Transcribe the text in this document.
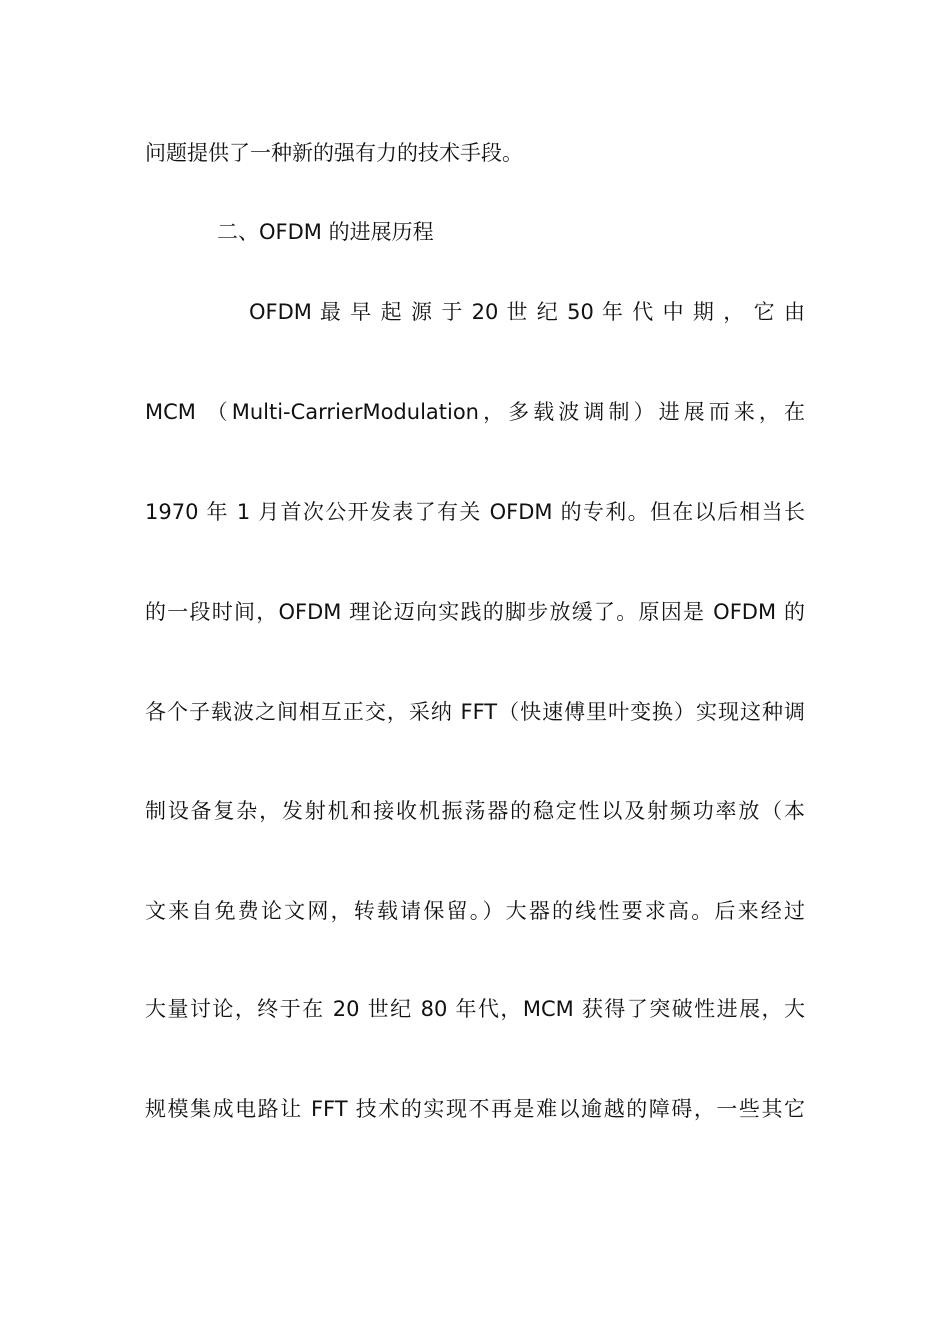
问题提供了一种新的强有力的技术手段。
二、OFDM 的进展历程
OFDM 最 早 起 源 于 20 世 纪 50 年 代 中 期 ， 它 由
MCM （Multi-CarrierModulation，多载波调制）进展而来，在
1970 年 1 月首次公开发表了有关 OFDM 的专利。但在以后相当长
的一段时间，OFDM 理论迈向实践的脚步放缓了。原因是 OFDM 的
各个子载波之间相互正交，采纳 FFT（快速傅里叶变换）实现这种调
制设备复杂，发射机和接收机振荡器的稳定性以及射频功率放（本
文来自免费论文网，转载请保留。）大器的线性要求高。后来经过
大量讨论，终于在 20 世纪 80 年代，MCM 获得了突破性进展，大
规模集成电路让 FFT 技术的实现不再是难以逾越的障碍，一些其它
